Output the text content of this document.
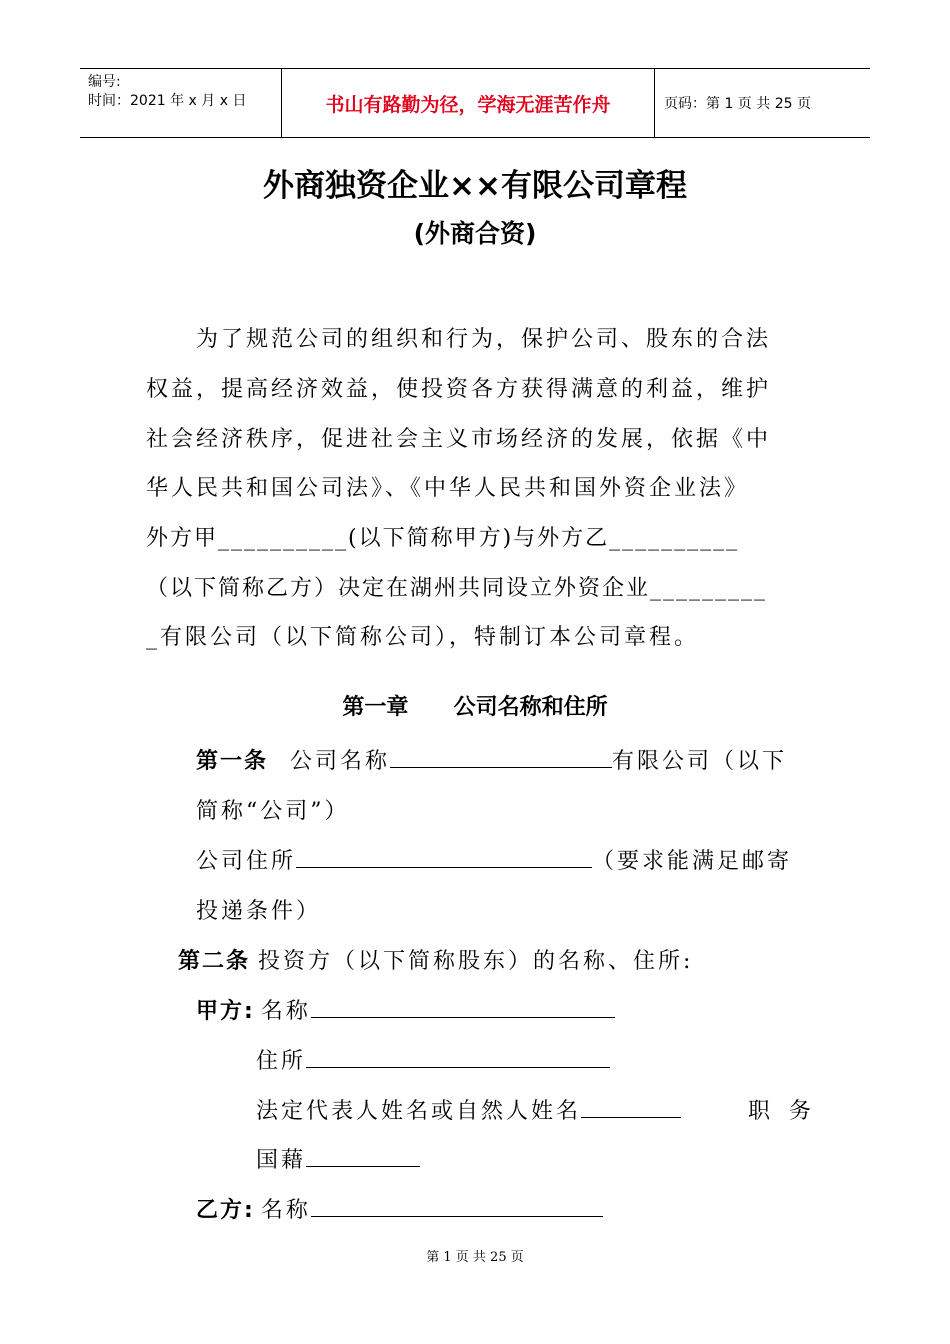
编号:
时间：2021 年 x 月 x 日	书山有路勤为径，学海无涯苦作舟	页码：第 1 页 共 25 页
外商独资企业××有限公司章程
(外商合资)
为了规范公司的组织和行为，保护公司、股东的合法
权益，提高经济效益，使投资各方获得满意的利益，维护
社会经济秩序，促进社会主义市场经济的发展，依据《中
华人民共和国公司法》、《中华人民共和国外资企业法》
外方甲__________(以下简称甲方)与外方乙__________
（以下简称乙方）决定在湖州共同设立外资企业_________
_有限公司（以下简称公司），特制订本公司章程。
第一章 公司名称和住所
第一条 公司名称	有限公司（以下
简称“公司”）
公司住所	（要求能满足邮寄
投递条件）
第二条 投资方（以下简称股东）的名称、住所:
甲方: 名称
住所
法定代表人姓名或自然人姓名	职 务
国藉
乙方: 名称
第 1 页 共 25 页
